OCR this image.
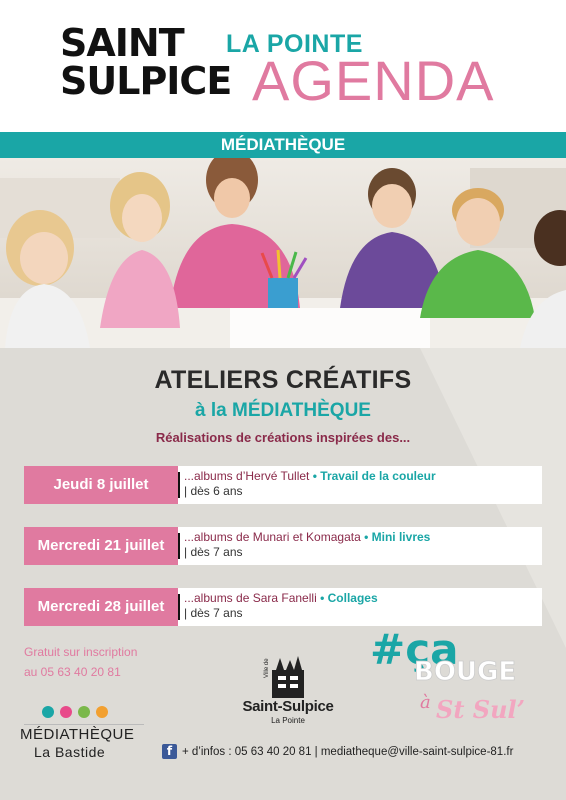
SAINT
SULPICE
LA POINTE
AGENDA
MÉDIATHÈQUE
ATELIERS CRÉATIFS
à la MÉDIATHÈQUE
Réalisations de créations inspirées des...
Jeudi 8 juillet	...albums d’Hervé Tullet • Travail de la couleur
| dès 6 ans
Mercredi 21 juillet	...albums de Munari et Komagata • Mini livres
| dès 7 ans
Mercredi 28 juillet	...albums de Sara Fanelli • Collages
| dès 7 ans
Gratuit sur inscription
au 05 63 40 20 81	#ça
BOUGE
à St Sul’
MÉDIATHÈQUE
La Bastide
Ville de
Saint-Sulpice
La Pointe
f + d’infos : 05 63 40 20 81 | mediatheque@ville-saint-sulpice-81.fr
